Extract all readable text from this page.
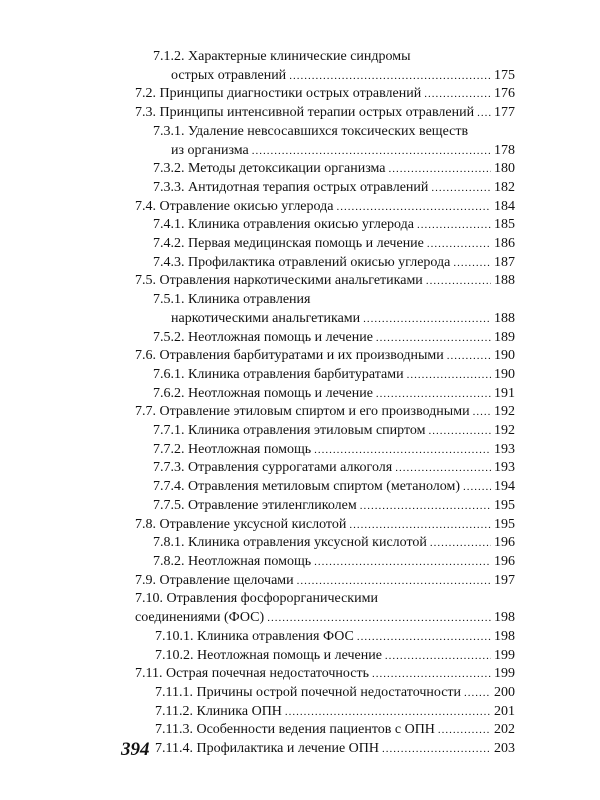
7.1.2. Характерные клинические синдромы
острых отравлений .....	175
7.2. Принципы диагностики острых отравлений .....	176
7.3. Принципы интенсивной терапии острых отравлений ..... 177
7.3.1. Удаление невсосавшихся токсических веществ
из организма .....	178
7.3.2. Методы детоксикации организма .....	180
7.3.3. Антидотная терапия острых отравлений .....	182
7.4. Отравление окисью углерода .....	184
7.4.1. Клиника отравления окисью углерода .....	185
7.4.2. Первая медицинская помощь и лечение .....	186
7.4.3. Профилактика отравлений окисью углерода .....	187
7.5. Отравления наркотическими анальгетиками .....	188
7.5.1. Клиника отравления
наркотическими анальгетиками .....	188
7.5.2. Неотложная помощь и лечение .....	189
7.6. Отравления барбитуратами и их производными .....	190
7.6.1. Клиника отравления барбитуратами .....	190
7.6.2. Неотложная помощь и лечение .....	191
7.7. Отравление этиловым спиртом и его производными ..... 192
7.7.1. Клиника отравления этиловым спиртом .....	192
7.7.2. Неотложная помощь .....	193
7.7.3. Отравления суррогатами алкоголя .....	193
7.7.4. Отравления метиловым спиртом (метанолом) ..... 194
7.7.5. Отравление этиленгликолем .....	195
7.8. Отравление уксусной кислотой .....	195
7.8.1. Клиника отравления уксусной кислотой .....	196
7.8.2. Неотложная помощь .....	196
7.9. Отравление щелочами .....	197
7.10. Отравления фосфорорганическими
соединениями (ФОС) .....	198
7.10.1. Клиника отравления ФОС .....	198
7.10.2. Неотложная помощь и лечение .....	199
7.11. Острая почечная недостаточность .....	199
7.11.1. Причины острой почечной недостаточности ..... 200
7.11.2. Клиника ОПН .....	201
7.11.3. Особенности ведения пациентов с ОПН .....	202
7.11.4. Профилактика и лечение ОПН .....	203
394
